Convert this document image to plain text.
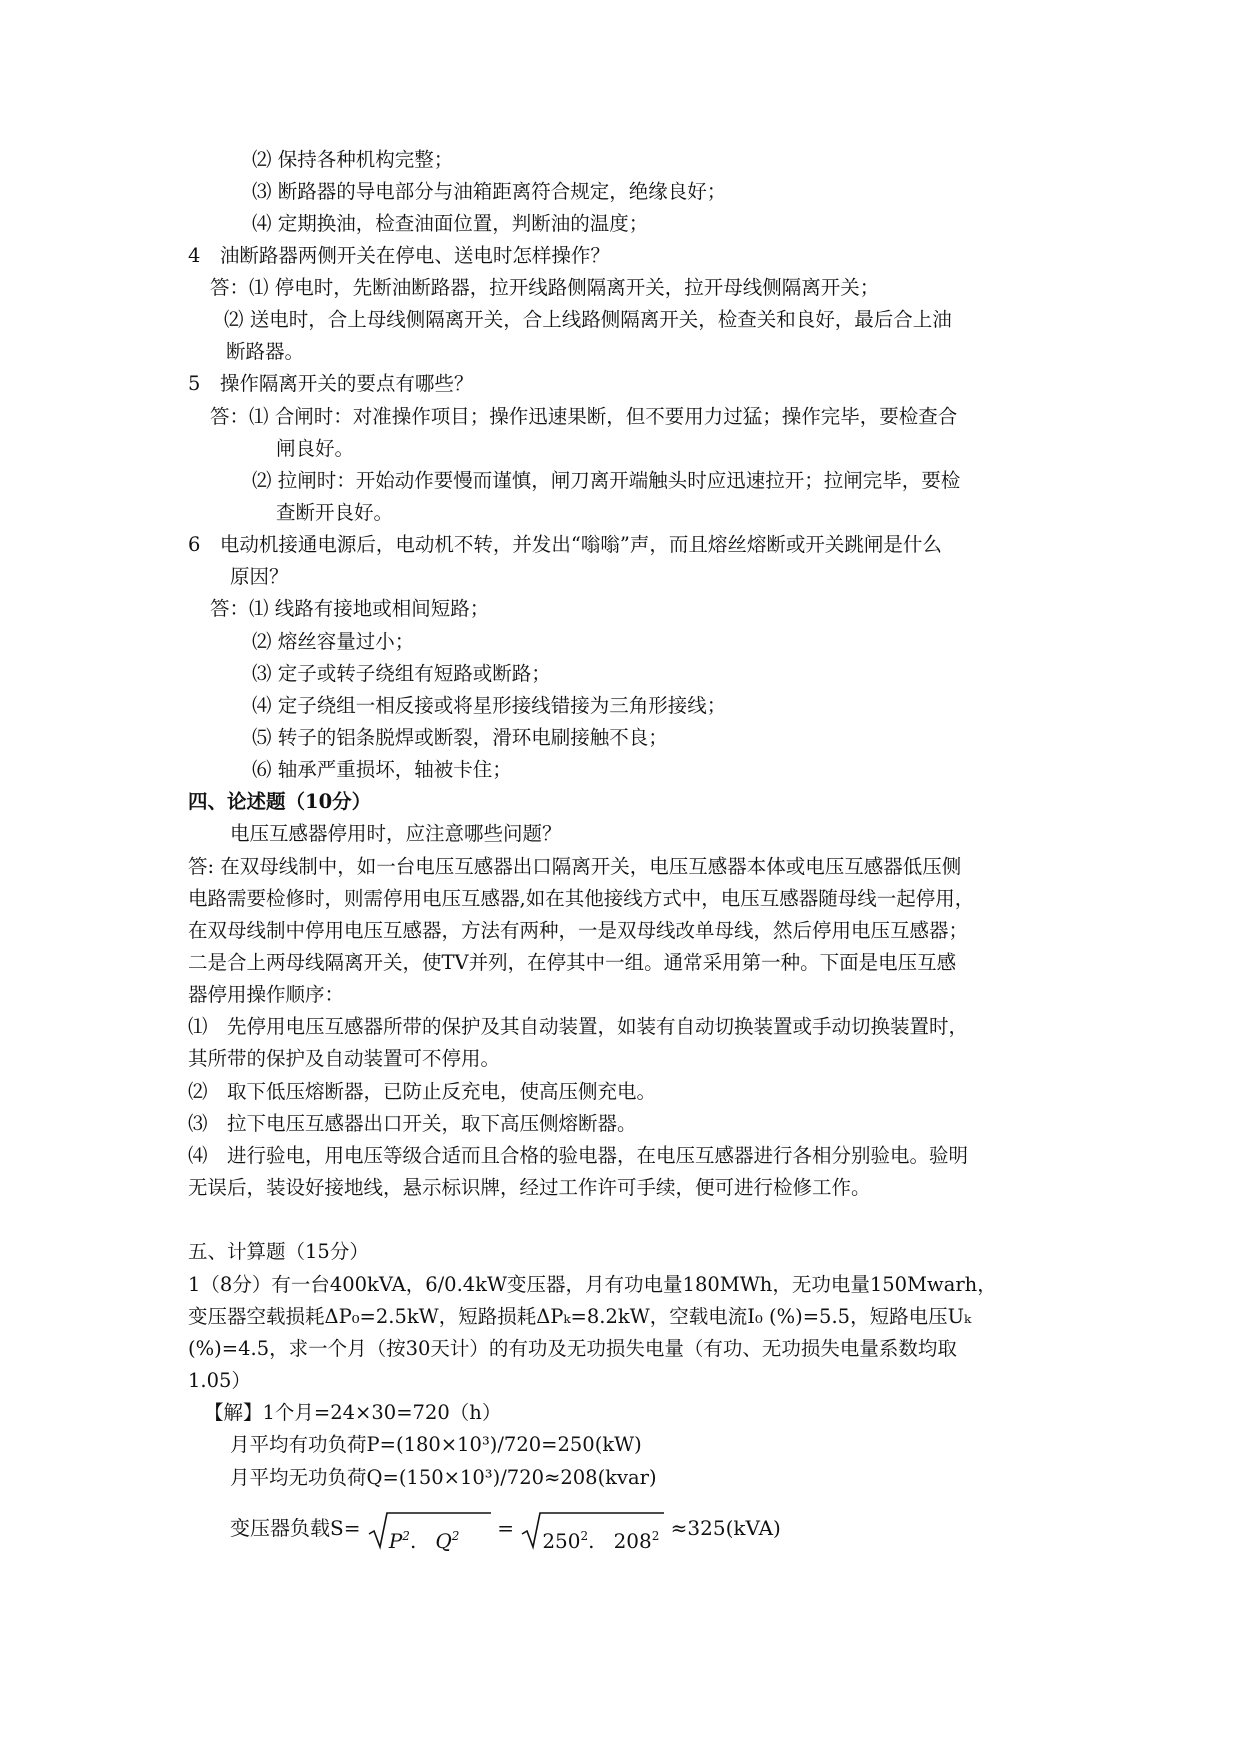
⑵ 保持各种机构完整；
⑶ 断路器的导电部分与油箱距离符合规定，绝缘良好；
⑷ 定期换油，检查油面位置，判断油的温度；
4　油断路器两侧开关在停电、送电时怎样操作？
答：⑴ 停电时，先断油断路器，拉开线路侧隔离开关，拉开母线侧隔离开关；
⑵ 送电时，合上母线侧隔离开关，合上线路侧隔离开关，检查关和良好，最后合上油
断路器。
5　操作隔离开关的要点有哪些？
答：⑴ 合闸时：对准操作项目；操作迅速果断，但不要用力过猛；操作完毕，要检查合
闸良好。
⑵ 拉闸时：开始动作要慢而谨慎，闸刀离开端触头时应迅速拉开；拉闸完毕，要检
查断开良好。
6　电动机接通电源后，电动机不转，并发出“嗡嗡”声，而且熔丝熔断或开关跳闸是什么
原因？
答：⑴ 线路有接地或相间短路；
⑵ 熔丝容量过小；
⑶ 定子或转子绕组有短路或断路；
⑷ 定子绕组一相反接或将星形接线错接为三角形接线；
⑸ 转子的铝条脱焊或断裂，滑环电刷接触不良；
⑹ 轴承严重损坏，轴被卡住；
四、论述题（10分）
电压互感器停用时，应注意哪些问题？
答: 在双母线制中，如一台电压互感器出口隔离开关，电压互感器本体或电压互感器低压侧
电路需要检修时，则需停用电压互感器,如在其他接线方式中，电压互感器随母线一起停用，
在双母线制中停用电压互感器，方法有两种，一是双母线改单母线，然后停用电压互感器；
二是合上两母线隔离开关，使TV并列，在停其中一组。通常采用第一种。下面是电压互感
器停用操作顺序：
⑴　先停用电压互感器所带的保护及其自动装置，如装有自动切换装置或手动切换装置时，
其所带的保护及自动装置可不停用。
⑵　取下低压熔断器，已防止反充电，使高压侧充电。
⑶　拉下电压互感器出口开关，取下高压侧熔断器。
⑷　进行验电，用电压等级合适而且合格的验电器，在电压互感器进行各相分别验电。验明
无误后，装设好接地线，悬示标识牌，经过工作许可手续，便可进行检修工作。
五、计算题（15分）
1（8分）有一台400kVA，6/0.4kW变压器，月有功电量180MWh，无功电量150Mwarh，
变压器空载损耗ΔP₀=2.5kW，短路损耗ΔPₖ=8.2kW，空载电流I₀ (%)=5.5，短路电压Uₖ
(%)=4.5，求一个月（按30天计）的有功及无功损失电量（有功、无功损失电量系数均取
1.05）
【解】1个月=24×30=720（h）
月平均有功负荷P=(180×10³)/720=250(kW)
月平均无功负荷Q=(150×10³)/720≈208(kvar)
变压器负载S=
$P^2$. $Q^2$ =
$250^2$. $208^2 \approx 325(kVA)$
